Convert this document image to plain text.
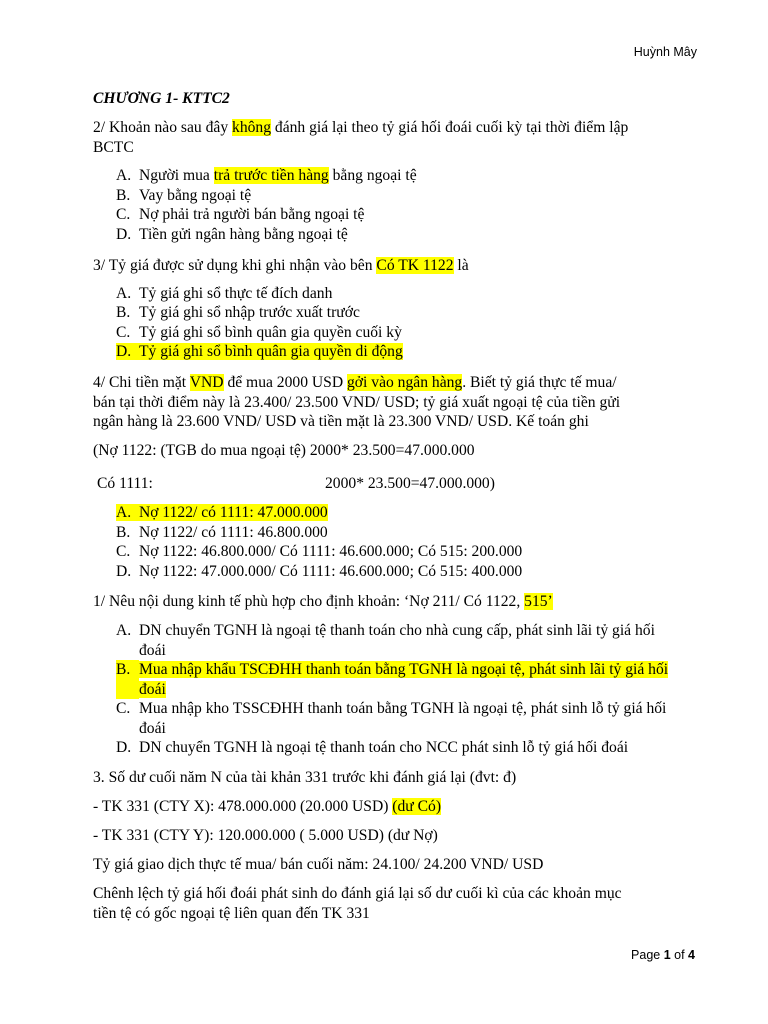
Huỳnh Mây
CHƯƠNG 1- KTTC2
2/ Khoản nào sau đây không đánh giá lại theo tỷ giá hối đoái cuối kỳ tại thời điểm lập
BCTC
A. Người mua trả trước tiền hàng bằng ngoại tệ
B. Vay bằng ngoại tệ
C. Nợ phải trả người bán bằng ngoại tệ
D. Tiền gửi ngân hàng bằng ngoại tệ
3/ Tỷ giá được sử dụng khi ghi nhận vào bên Có TK 1122 là
A. Tỷ giá ghi sổ thực tế đích danh
B. Tỷ giá ghi sổ nhập trước xuất trước
C. Tỷ giá ghi sổ bình quân gia quyền cuối kỳ
D. Tỷ giá ghi sổ bình quân gia quyền di động
4/ Chi tiền mặt VND để mua 2000 USD gởi vào ngân hàng. Biết tỷ giá thực tế mua/
bán tại thời điểm này là 23.400/ 23.500 VND/ USD; tỷ giá xuất ngoại tệ của tiền gửi
ngân hàng là 23.600 VND/ USD và tiền mặt là 23.300 VND/ USD. Kế toán ghi
(Nợ 1122: (TGB do mua ngoại tệ) 2000* 23.500=47.000.000
Có 1111:	2000* 23.500=47.000.000)
A. Nợ 1122/ có 1111: 47.000.000
B. Nợ 1122/ có 1111: 46.800.000
C. Nợ 1122: 46.800.000/ Có 1111: 46.600.000; Có 515: 200.000
D. Nợ 1122: 47.000.000/ Có 1111: 46.600.000; Có 515: 400.000
1/ Nêu nội dung kinh tế phù hợp cho định khoản: ‘Nợ 211/ Có 1122, 515’
A. DN chuyển TGNH là ngoại tệ thanh toán cho nhà cung cấp, phát sinh lãi tỷ giá hối đoái
B. Mua nhập khẩu TSCĐHH thanh toán bằng TGNH là ngoại tệ, phát sinh lãi tỷ giá hối đoái
C. Mua nhập kho TSSCĐHH thanh toán bằng TGNH là ngoại tệ, phát sinh lỗ tỷ giá hối đoái
D. DN chuyển TGNH là ngoại tệ thanh toán cho NCC phát sinh lỗ tỷ giá hối đoái
3. Số dư cuối năm N của tài khản 331 trước khi đánh giá lại (đvt: đ)
- TK 331 (CTY X): 478.000.000 (20.000 USD) (dư Có)
- TK 331 (CTY Y): 120.000.000 ( 5.000 USD) (dư Nợ)
Tỷ giá giao dịch thực tế mua/ bán cuối năm: 24.100/ 24.200 VND/ USD
Chênh lệch tỷ giá hối đoái phát sinh do đánh giá lại số dư cuối kì của các khoản mục
tiền tệ có gốc ngoại tệ liên quan đến TK 331
Page 1 of 4
